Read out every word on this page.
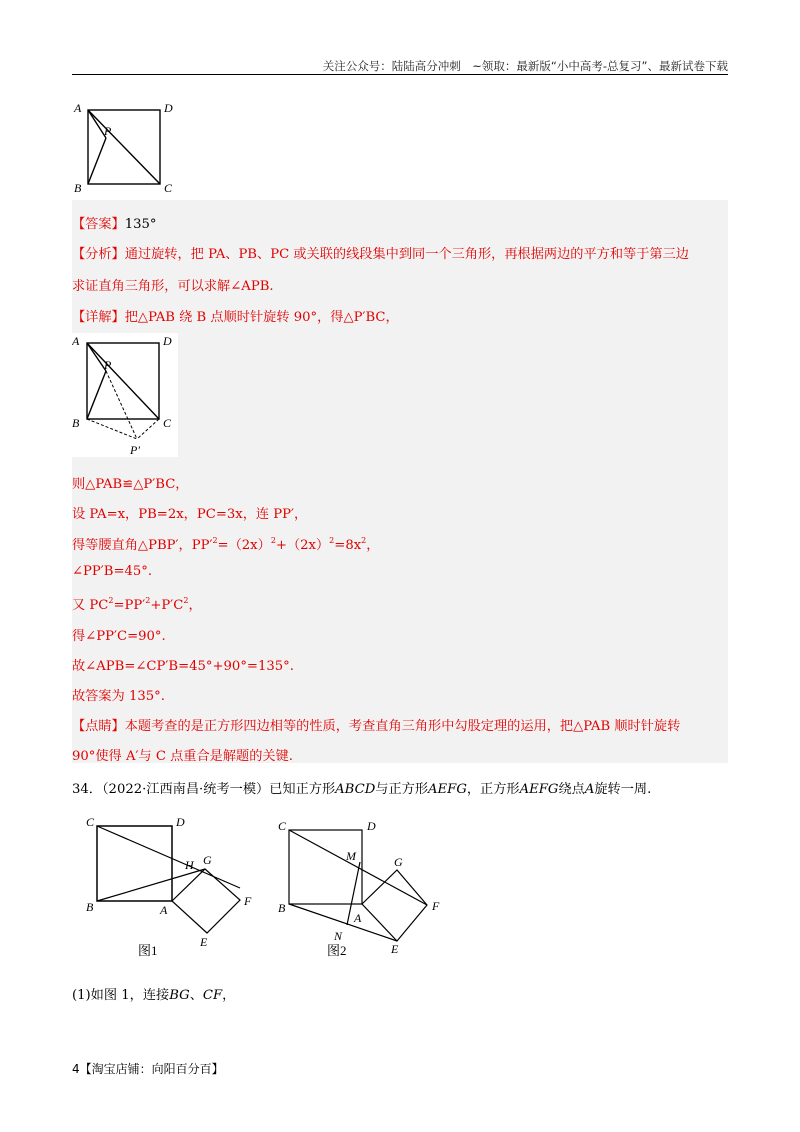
关注公众号：陆陆高分冲刺　~领取：最新版“小中高考-总复习”、最新试卷下载
A	D
P
B	C
【答案】135°
【分析】通过旋转，把 PA、PB、PC 或关联的线段集中到同一个三角形，再根据两边的平方和等于第三边
求证直角三角形，可以求解∠APB.
【详解】把△PAB 绕 B 点顺时针旋转 90°，得△P′BC，
A	D
P
B	C
P′
则△PAB≌△P′BC，
设 PA=x，PB=2x，PC=3x，连 PP′，
得等腰直角△PBP′，$PP'^2=(2x)^2+(2x)^2=8x^2$，
∠PP′B=45°.
又 $PC^2=PP'^2+P'C^2$，
得∠PP′C=90°.
故∠APB=∠CP′B=45°+90°=135°.
故答案为 135°.
【点睛】本题考查的是正方形四边相等的性质，考查直角三角形中勾股定理的运用，把△PAB 顺时针旋转
90°使得 A′与 C 点重合是解题的关键.
34．（2022·江西南昌·统考一模）已知正方形ABCD与正方形AEFG，正方形AEFG绕点A旋转一周.
C	D
H G
B	A
F
E
图1
C	D
M	G
B
A
F
N
E
图2
(1)如图 1，连接BG、CF，
4【淘宝店铺：向阳百分百】
